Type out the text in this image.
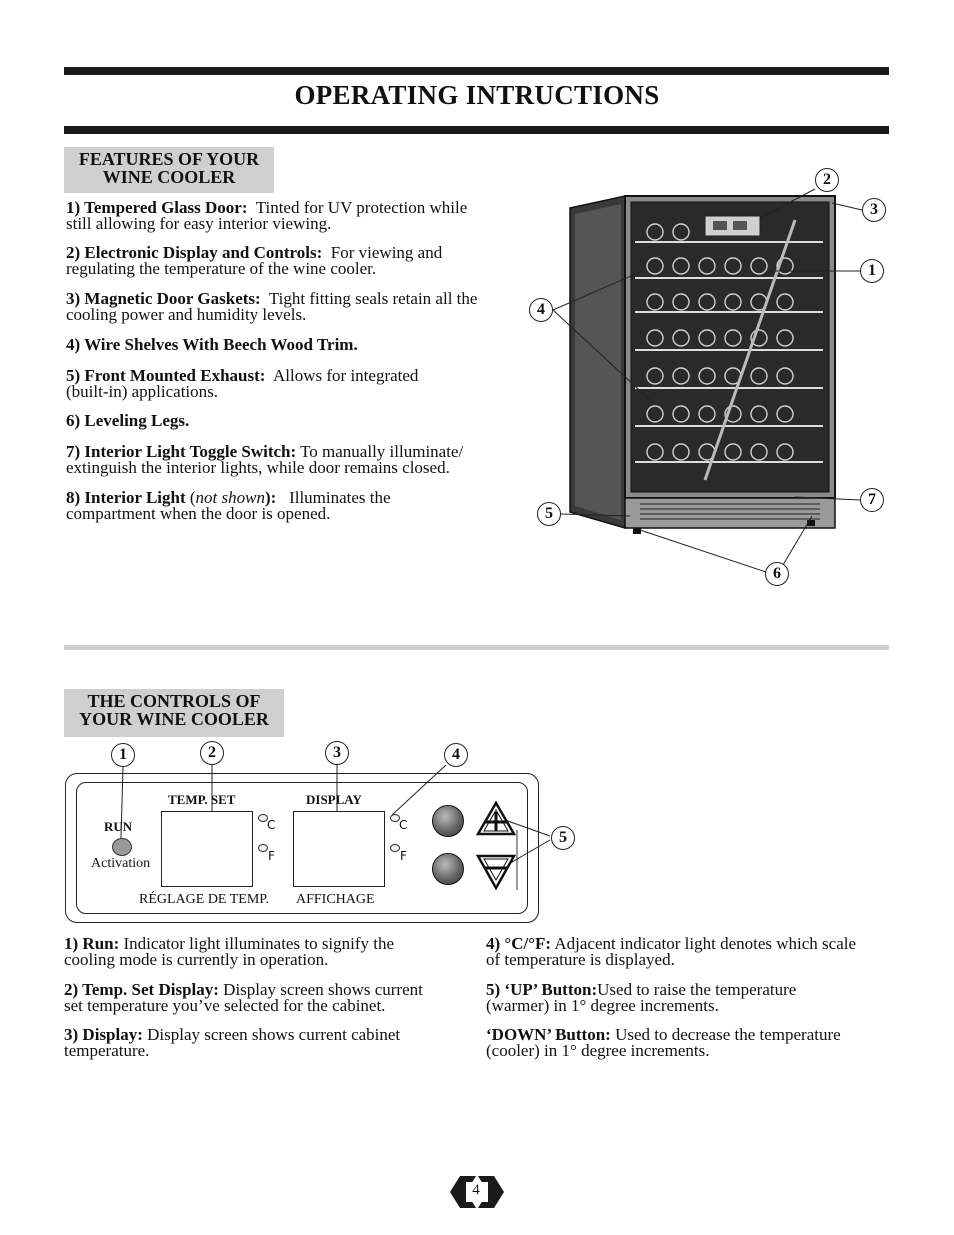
OPERATING INTRUCTIONS
FEATURES OF YOUR
WINE COOLER
1) Tempered Glass Door: Tinted for UV protection while
still allowing for easy interior viewing.
2) Electronic Display and Controls: For viewing and
regulating the temperature of the wine cooler.
3) Magnetic Door Gaskets: Tight fitting seals retain all the
cooling power and humidity levels.
4) Wire Shelves With Beech Wood Trim.
5) Front Mounted Exhaust: Allows for integrated
(built-in) applications.
6) Leveling Legs.
7) Interior Light Toggle Switch: To manually illuminate/
extinguish the interior lights, while door remains closed.
8) Interior Light (not shown): Illuminates the
compartment when the door is opened.
2
3
1
4
5
7
6
THE CONTROLS OF
YOUR WINE COOLER
1	2	3	4
5
TEMP. SET	DISPLAY
RUN
Activation
C
F
C
F
RÉGLAGE DE TEMP. AFFICHAGE
1) Run: Indicator light illuminates to signify the
cooling mode is currently in operation.
2) Temp. Set Display: Display screen shows current
set temperature you’ve selected for the cabinet.
3) Display: Display screen shows current cabinet
temperature.
4) °C/°F: Adjacent indicator light denotes which scale
of temperature is displayed.
5) ‘UP’ Button:Used to raise the temperature
(warmer) in 1° degree increments.
‘DOWN’ Button: Used to decrease the temperature
(cooler) in 1° degree increments.
4
